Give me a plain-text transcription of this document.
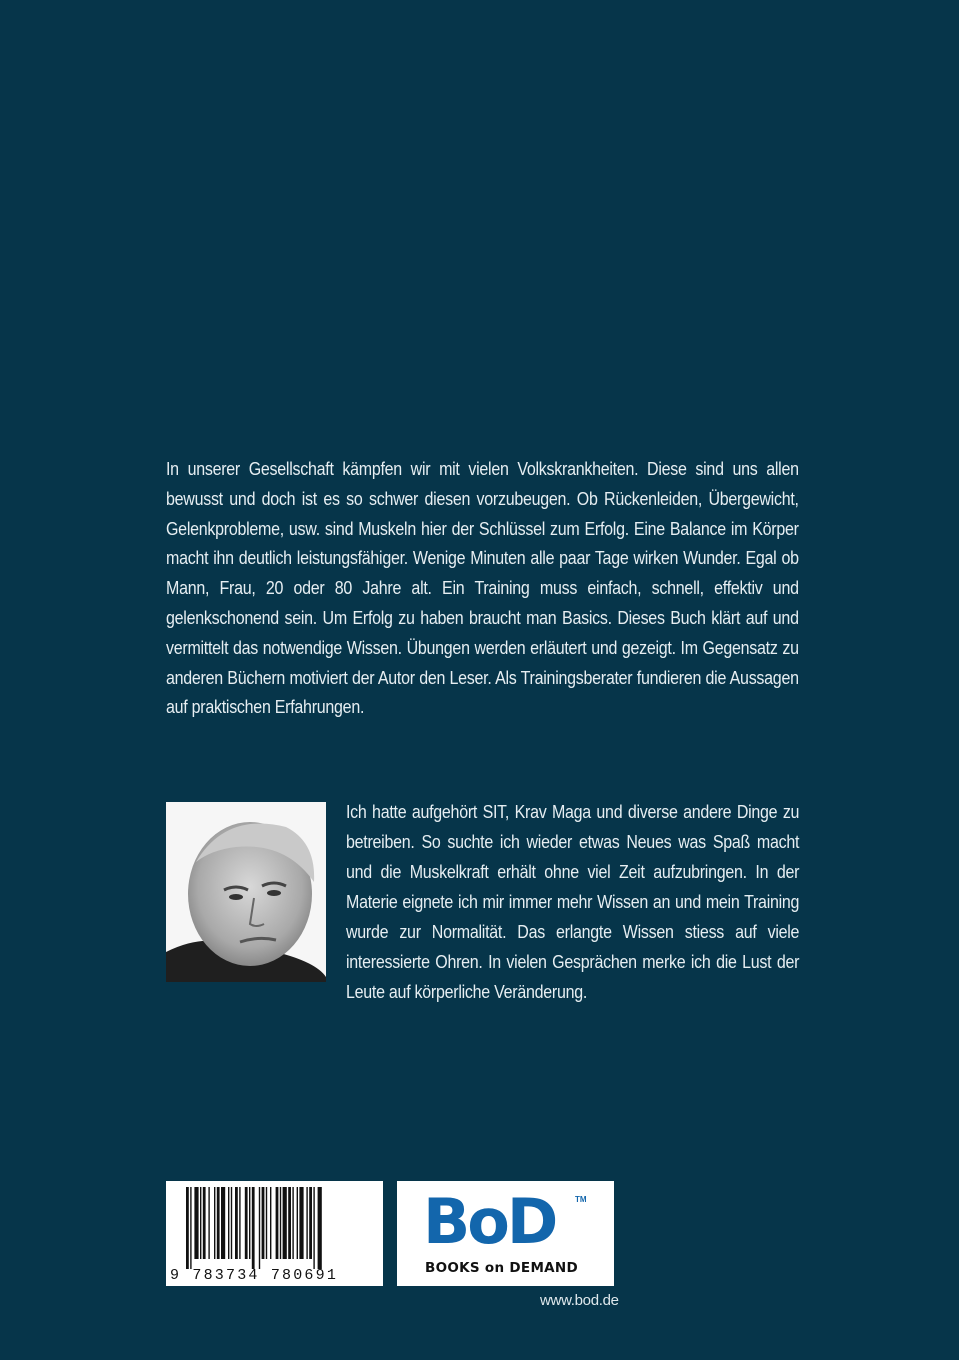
In unserer Gesellschaft kämpfen wir mit vielen Volkskrankheiten. Diese sind uns allen bewusst und doch ist es so schwer diesen vorzubeugen. Ob Rückenleiden, Übergewicht, Gelenkprobleme, usw. sind Muskeln hier der Schlüssel zum Erfolg. Eine Balance im Körper macht ihn deutlich leistungsfähiger. Wenige Minuten alle paar Tage wirken Wunder. Egal ob Mann, Frau, 20 oder 80 Jahre alt. Ein Training muss einfach, schnell, effektiv und gelenkschonend sein. Um Erfolg zu haben braucht man Basics. Dieses Buch klärt auf und vermittelt das notwendige Wissen. Übungen werden erläutert und gezeigt. Im Gegensatz zu anderen Büchern motiviert der Autor den Leser. Als Trainingsberater fundieren die Aussagen auf praktischen Erfahrungen.

Ich hatte aufgehört SIT, Krav Maga und diverse andere Dinge zu betreiben. So suchte ich wieder etwas Neues was Spaß macht und die Muskelkraft erhält ohne viel Zeit aufzubringen. In der Materie eignete ich mir immer mehr Wissen an und mein Training wurde zur Normalität. Das erlangte Wissen stiess auf viele interessierte Ohren. In vielen Gesprächen merke ich die Lust der Leute auf körperliche Veränderung.

9 783734 780691
BoD TM
BOOKS on DEMAND
www.bod.de
